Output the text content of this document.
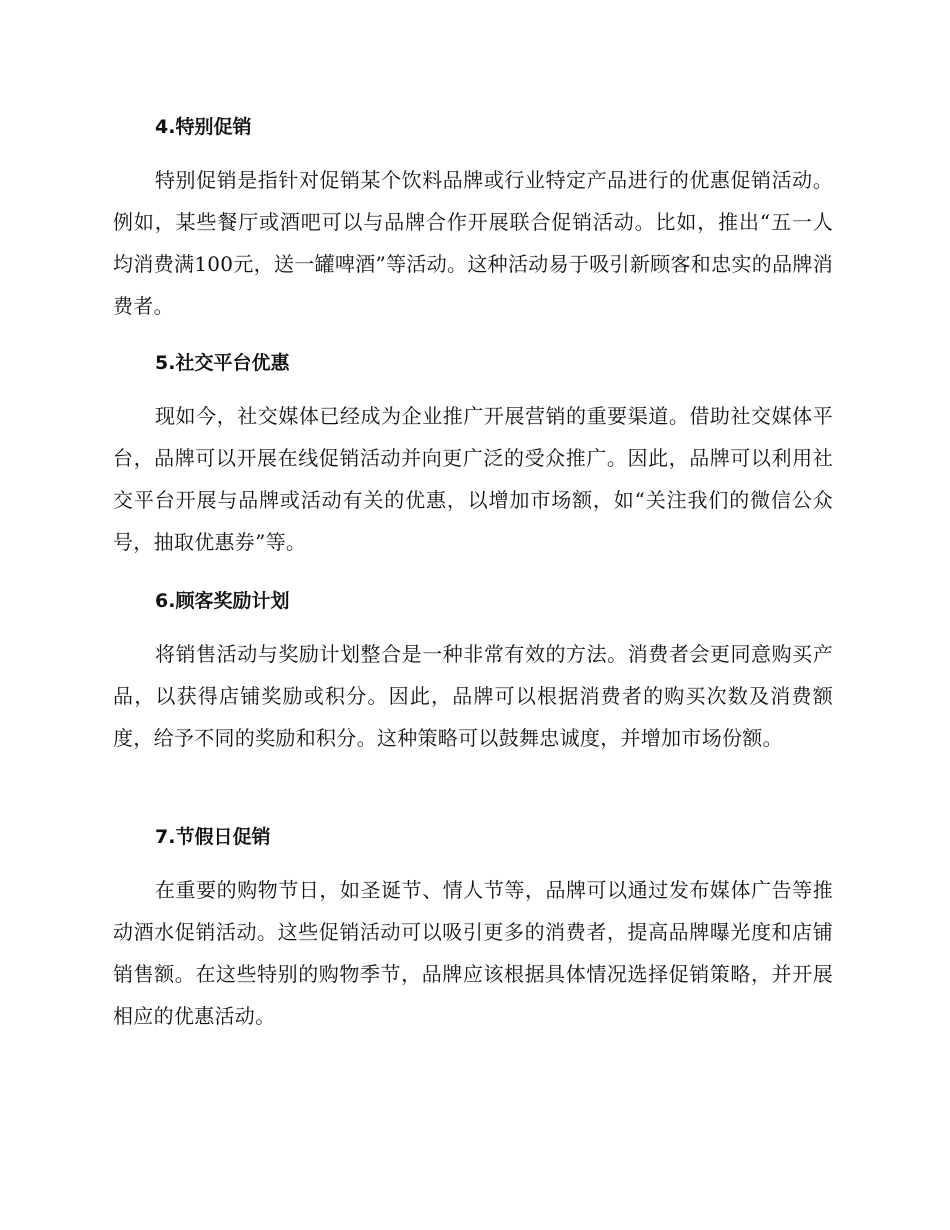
4.特别促销

特别促销是指针对促销某个饮料品牌或行业特定产品进行的优惠促销活动。例如，某些餐厅或酒吧可以与品牌合作开展联合促销活动。比如，推出“五一人均消费满100元，送一罐啤酒”等活动。这种活动易于吸引新顾客和忠实的品牌消费者。

5.社交平台优惠

现如今，社交媒体已经成为企业推广开展营销的重要渠道。借助社交媒体平台，品牌可以开展在线促销活动并向更广泛的受众推广。因此，品牌可以利用社交平台开展与品牌或活动有关的优惠，以增加市场额，如“关注我们的微信公众号，抽取优惠券”等。

6.顾客奖励计划

将销售活动与奖励计划整合是一种非常有效的方法。消费者会更同意购买产品，以获得店铺奖励或积分。因此，品牌可以根据消费者的购买次数及消费额度，给予不同的奖励和积分。这种策略可以鼓舞忠诚度，并增加市场份额。

7.节假日促销

在重要的购物节日，如圣诞节、情人节等，品牌可以通过发布媒体广告等推动酒水促销活动。这些促销活动可以吸引更多的消费者，提高品牌曝光度和店铺销售额。在这些特别的购物季节，品牌应该根据具体情况选择促销策略，并开展相应的优惠活动。
